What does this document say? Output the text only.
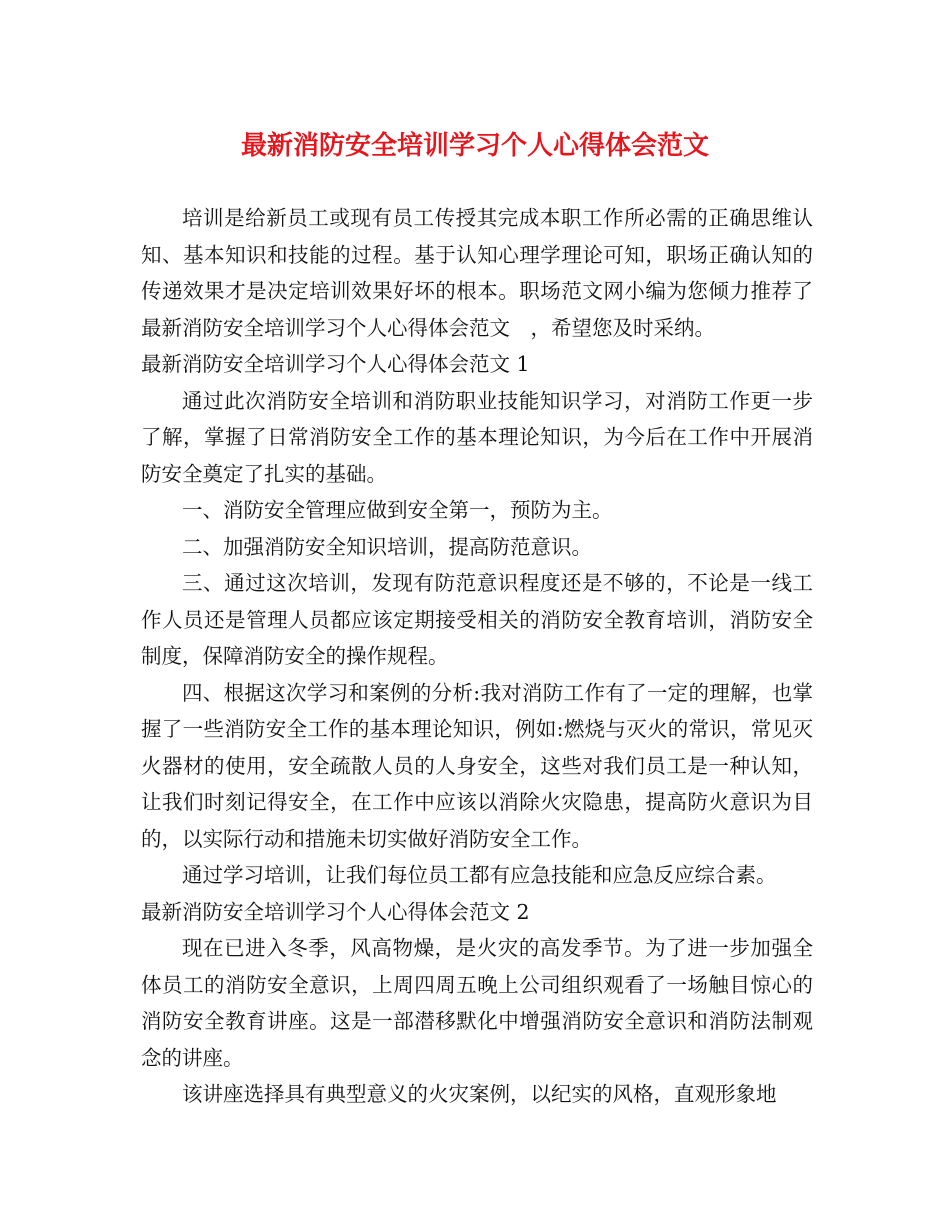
最新消防安全培训学习个人心得体会范文

培训是给新员工或现有员工传授其完成本职工作所必需的正确思维认知、基本知识和技能的过程。基于认知心理学理论可知，职场正确认知的传递效果才是决定培训效果好坏的根本。职场范文网小编为您倾力推荐了最新消防安全培训学习个人心得体会范文　，希望您及时采纳。

最新消防安全培训学习个人心得体会范文 1

通过此次消防安全培训和消防职业技能知识学习，对消防工作更一步了解，掌握了日常消防安全工作的基本理论知识，为今后在工作中开展消防安全奠定了扎实的基础。

一、消防安全管理应做到安全第一，预防为主。

二、加强消防安全知识培训，提高防范意识。

三、通过这次培训，发现有防范意识程度还是不够的，不论是一线工作人员还是管理人员都应该定期接受相关的消防安全教育培训，消防安全制度，保障消防安全的操作规程。

四、根据这次学习和案例的分析:我对消防工作有了一定的理解，也掌握了一些消防安全工作的基本理论知识，例如:燃烧与灭火的常识，常见灭火器材的使用，安全疏散人员的人身安全，这些对我们员工是一种认知，让我们时刻记得安全，在工作中应该以消除火灾隐患，提高防火意识为目的，以实际行动和措施未切实做好消防安全工作。

通过学习培训，让我们每位员工都有应急技能和应急反应综合素。

最新消防安全培训学习个人心得体会范文 2

现在已进入冬季，风高物燥，是火灾的高发季节。为了进一步加强全体员工的消防安全意识，上周四周五晚上公司组织观看了一场触目惊心的消防安全教育讲座。这是一部潜移默化中增强消防安全意识和消防法制观念的讲座。

该讲座选择具有典型意义的火灾案例，以纪实的风格，直观形象地
